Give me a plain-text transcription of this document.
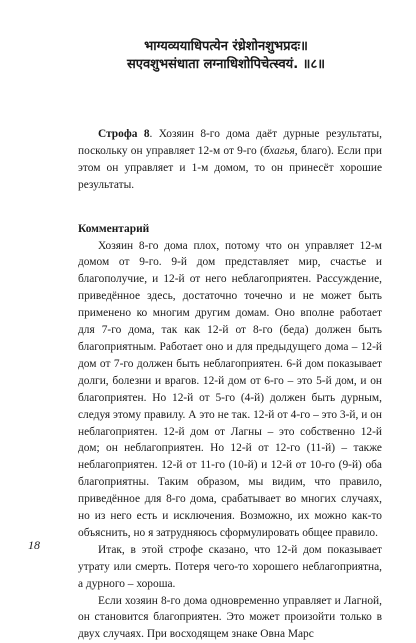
भाग्यव्ययाधिपत्येन रंध्रेशोनशुभप्रदः॥
सएवशुभसंधाता लग्नाधिशोपिचेत्स्वयं. ॥८॥

Строфа 8. Хозяин 8-го дома даёт дурные результаты, поскольку он управляет 12-м от 9-го (бхагья, благо). Если при этом он управляет и 1-м домом, то он принесёт хорошие результаты.

Комментарий

Хозяин 8-го дома плох, потому что он управляет 12-м домом от 9-го. 9-й дом представляет мир, счастье и благополучие, и 12-й от него неблагоприятен. Рассуждение, приведённое здесь, достаточно точечно и не может быть применено ко многим другим домам. Оно вполне работает для 7-го дома, так как 12-й от 8-го (беда) должен быть благоприятным. Работает оно и для предыдущего дома – 12-й дом от 7-го должен быть неблагоприятен. 6-й дом показывает долги, болезни и врагов. 12-й дом от 6-го – это 5-й дом, и он благоприятен. Но 12-й от 5-го (4-й) должен быть дурным, следуя этому правилу. А это не так. 12-й от 4-го – это 3-й, и он неблагоприятен. 12-й дом от Лагны – это собственно 12-й дом; он неблагоприятен. Но 12-й от 12-го (11-й) – также неблагоприятен. 12-й от 11-го (10-й) и 12-й от 10-го (9-й) оба благоприятны. Таким образом, мы видим, что правило, приведённое для 8-го дома, срабатывает во многих случаях, но из него есть и исключения. Возможно, их можно как-то объяснить, но я затрудняюсь сформулировать общее правило.

Итак, в этой строфе сказано, что 12-й дом показывает утрату или смерть. Потеря чего-то хорошего неблагоприятна, а дурного – хороша.

Если хозяин 8-го дома одновременно управляет и Лагной, он становится благоприятен. Это может произойти только в двух случаях. При восходящем знаке Овна Марс

18
